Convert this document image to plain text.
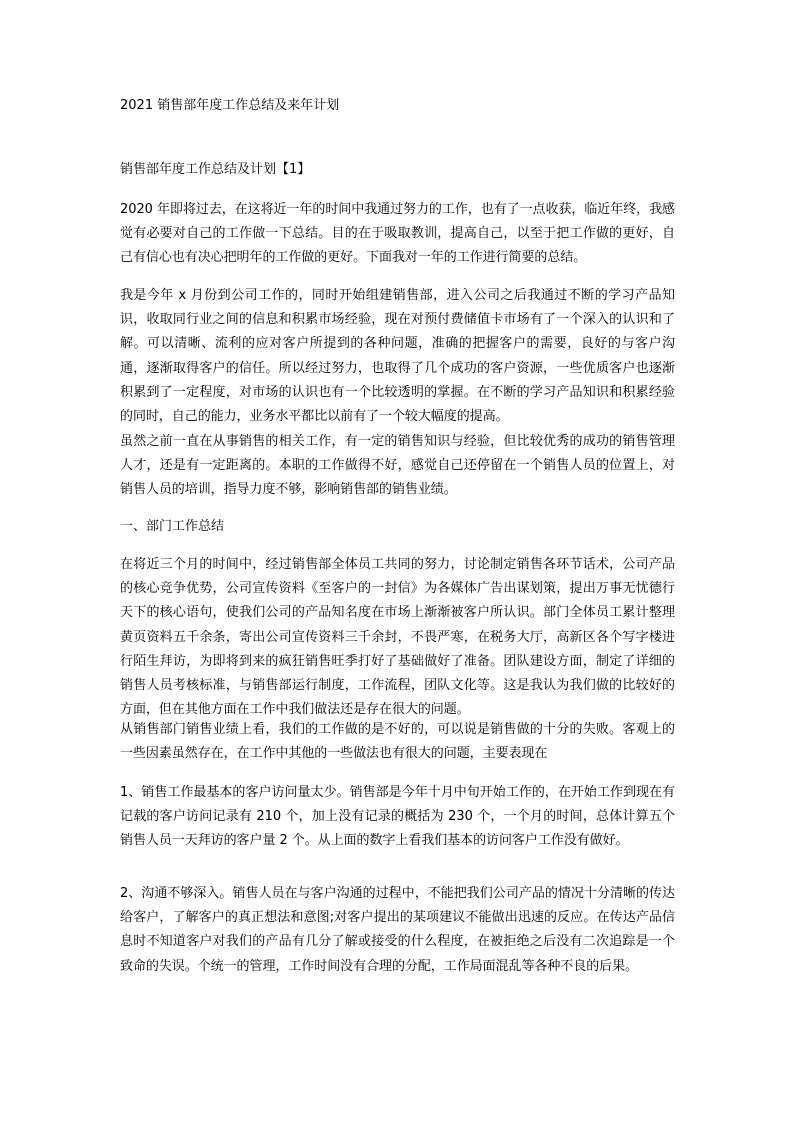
2021 销售部年度工作总结及来年计划
销售部年度工作总结及计划【1】

2020 年即将过去，在这将近一年的时间中我通过努力的工作，也有了一点收获，临近年终，我感觉有必要对自己的工作做一下总结。目的在于吸取教训，提高自己，以至于把工作做的更好，自己有信心也有决心把明年的工作做的更好。下面我对一年的工作进行简要的总结。

我是今年 x 月份到公司工作的，同时开始组建销售部，进入公司之后我通过不断的学习产品知识，收取同行业之间的信息和积累市场经验，现在对预付费储值卡市场有了一个深入的认识和了解。可以清晰、流利的应对客户所提到的各种问题，准确的把握客户的需要，良好的与客户沟通，逐渐取得客户的信任。所以经过努力，也取得了几个成功的客户资源，一些优质客户也逐渐积累到了一定程度，对市场的认识也有一个比较透明的掌握。在不断的学习产品知识和积累经验的同时，自己的能力，业务水平都比以前有了一个较大幅度的提高。

虽然之前一直在从事销售的相关工作，有一定的销售知识与经验，但比较优秀的成功的销售管理人才，还是有一定距离的。本职的工作做得不好，感觉自己还停留在一个销售人员的位置上，对销售人员的培训，指导力度不够，影响销售部的销售业绩。

一、部门工作总结

在将近三个月的时间中，经过销售部全体员工共同的努力，讨论制定销售各环节话术，公司产品的核心竞争优势，公司宣传资料《至客户的一封信》为各媒体广告出谋划策，提出万事无忧德行天下的核心语句，使我们公司的产品知名度在市场上渐渐被客户所认识。部门全体员工累计整理黄页资料五千余条，寄出公司宣传资料三千余封，不畏严寒，在税务大厅，高新区各个写字楼进行陌生拜访，为即将到来的疯狂销售旺季打好了基础做好了准备。团队建设方面，制定了详细的销售人员考核标准，与销售部运行制度，工作流程，团队文化等。这是我认为我们做的比较好的方面，但在其他方面在工作中我们做法还是存在很大的问题。

从销售部门销售业绩上看，我们的工作做的是不好的，可以说是销售做的十分的失败。客观上的一些因素虽然存在，在工作中其他的一些做法也有很大的问题，主要表现在

1、销售工作最基本的客户访问量太少。销售部是今年十月中旬开始工作的，在开始工作到现在有记载的客户访问记录有 210 个，加上没有记录的概括为 230 个，一个月的时间，总体计算五个销售人员一天拜访的客户量 2 个。从上面的数字上看我们基本的访问客户工作没有做好。

2、沟通不够深入。销售人员在与客户沟通的过程中，不能把我们公司产品的情况十分清晰的传达给客户，了解客户的真正想法和意图;对客户提出的某项建议不能做出迅速的反应。在传达产品信息时不知道客户对我们的产品有几分了解或接受的什么程度，在被拒绝之后没有二次追踪是一个致命的失误。个统一的管理，工作时间没有合理的分配，工作局面混乱等各种不良的后果。
